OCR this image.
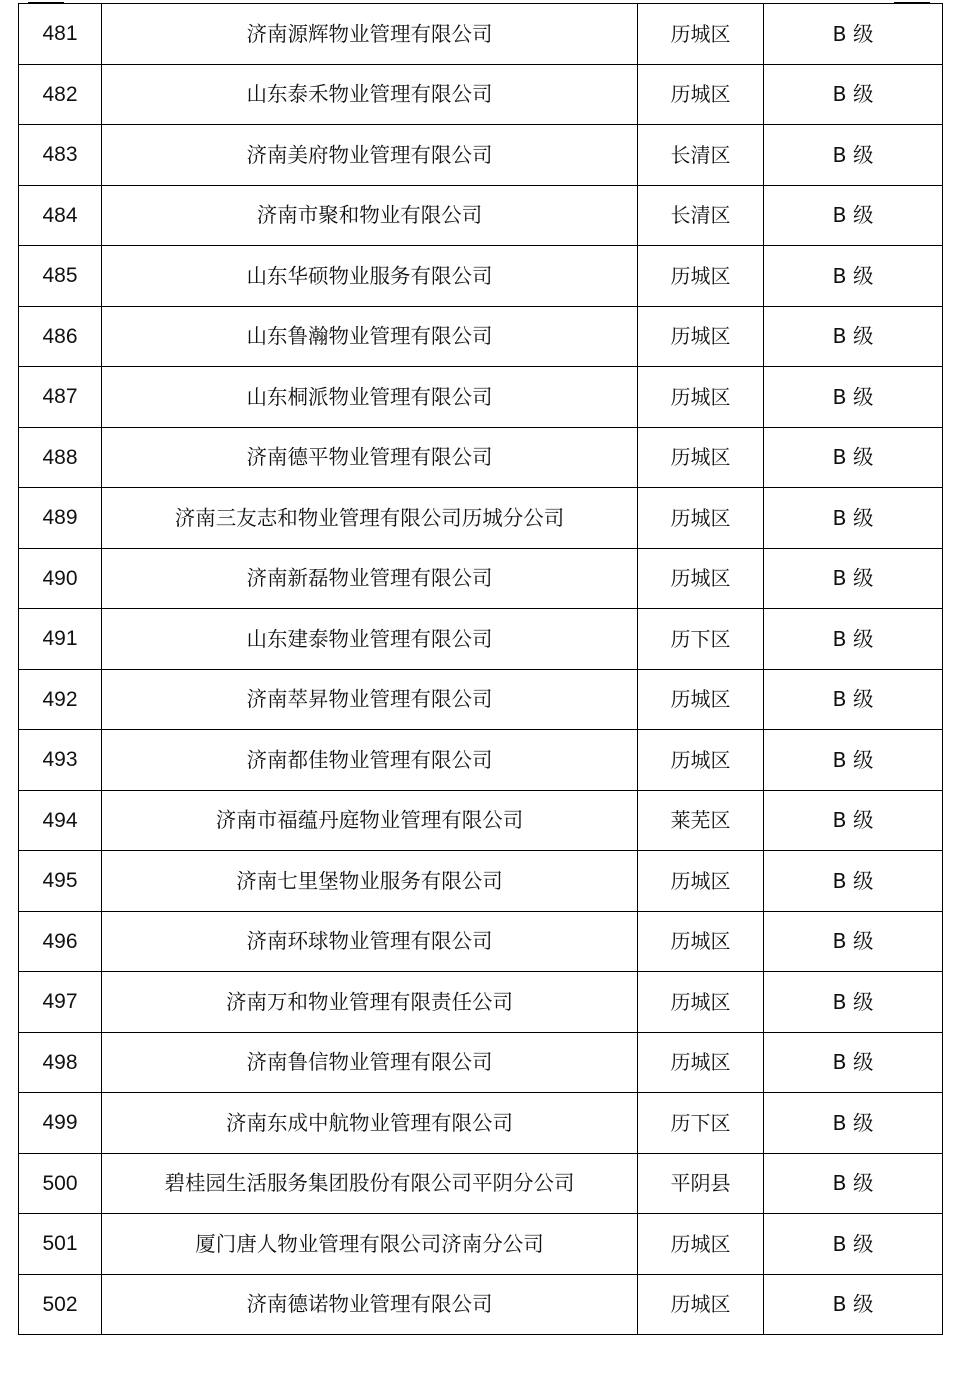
481	济南源辉物业管理有限公司	历城区	B 级
482	山东泰禾物业管理有限公司	历城区	B 级
483	济南美府物业管理有限公司	长清区	B 级
484	济南市聚和物业有限公司	长清区	B 级
485	山东华硕物业服务有限公司	历城区	B 级
486	山东鲁瀚物业管理有限公司	历城区	B 级
487	山东桐派物业管理有限公司	历城区	B 级
488	济南德平物业管理有限公司	历城区	B 级
489	济南三友志和物业管理有限公司历城分公司	历城区	B 级
490	济南新磊物业管理有限公司	历城区	B 级
491	山东建泰物业管理有限公司	历下区	B 级
492	济南萃昇物业管理有限公司	历城区	B 级
493	济南都佳物业管理有限公司	历城区	B 级
494	济南市福蕴丹庭物业管理有限公司	莱芜区	B 级
495	济南七里堡物业服务有限公司	历城区	B 级
496	济南环球物业管理有限公司	历城区	B 级
497	济南万和物业管理有限责任公司	历城区	B 级
498	济南鲁信物业管理有限公司	历城区	B 级
499	济南东成中航物业管理有限公司	历下区	B 级
500	碧桂园生活服务集团股份有限公司平阴分公司	平阴县	B 级
501	厦门唐人物业管理有限公司济南分公司	历城区	B 级
502	济南德诺物业管理有限公司	历城区	B 级
